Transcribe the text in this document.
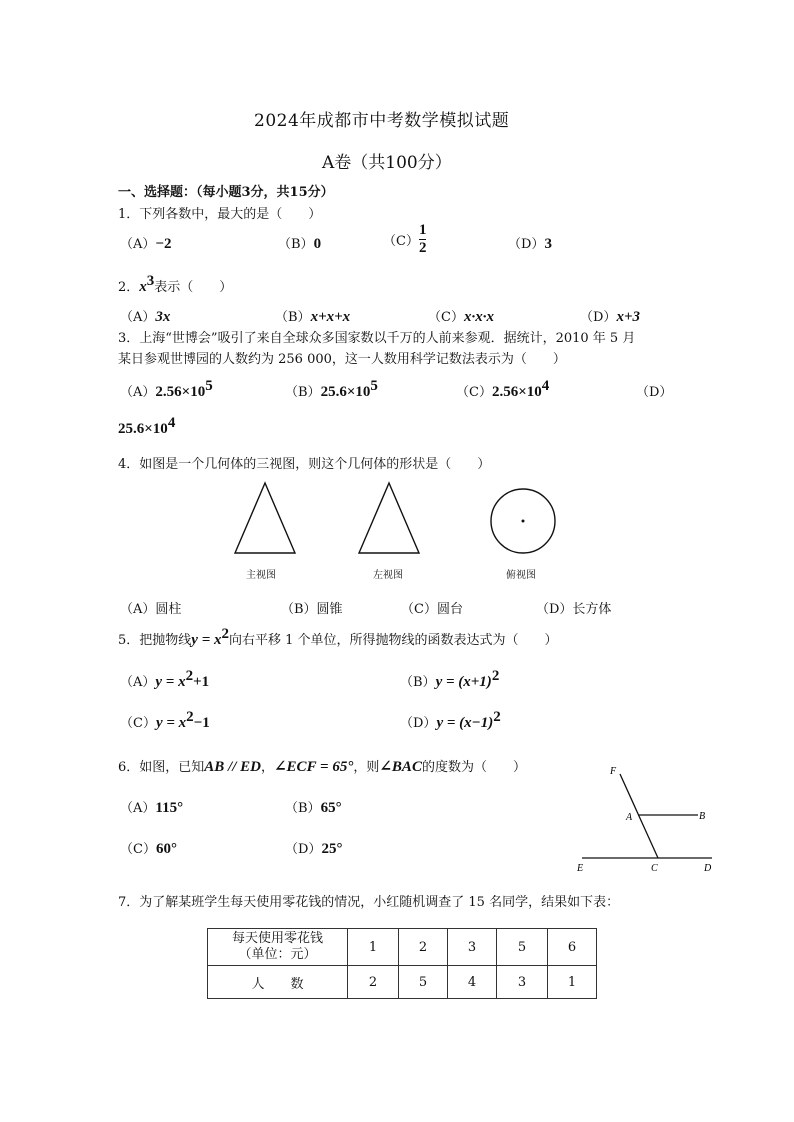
2024年成都市中考数学模拟试题
A卷（共100分）
一、选择题：（每小题3分，共15分）
1．下列各数中，最大的是（　　）
（A）−2	（B）0	$(C)\frac{1}{2}$	（D）3
2．$x^3$表示（　　）
（A）3x	（B）x+x+x	（C）x·x·x	（D）x+3
3．上海“世博会”吸引了来自全球众多国家数以千万的人前来参观．据统计，2010 年 5 月
某日参观世博园的人数约为 256 000，这一人数用科学记数法表示为（　　）
$(A)2.56\times 10^5$	$(B)25.6\times 10^5$	$(C)2.56\times 10^4$	（D）
$25.6\times 10^4$
4．如图是一个几何体的三视图，则这个几何体的形状是（　　）
主视图	左视图	俯视图
（A）圆柱	（B）圆锥	（C）圆台	（D）长方体
5．把抛物线$y = x^2$向右平移 1 个单位，所得抛物线的函数表达式为（　　）
$(A)y = x^2+1$	$(B)y = (x+1)^2$
$(C)y = x^2-1$	$(D)y = (x-1)^2$
6．如图，已知AB // ED，∠ECF = 65°，则∠BAC的度数为（　　）
（A）115°	（B）65°
（C）60°	（D）25°
F
A	B
E	C	D
7．为了解某班学生每天使用零花钱的情况，小红随机调查了 15 名同学，结果如下表：
每天使用零花钱
（单位：元）	1	2	3	5	6
人　　数	2	5	4	3	1
